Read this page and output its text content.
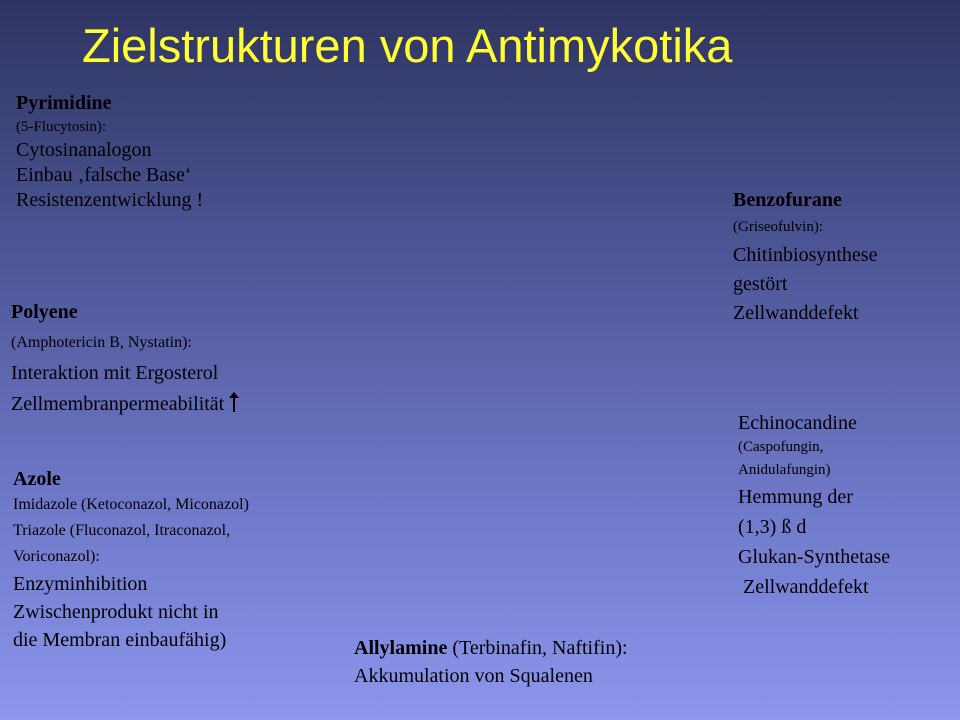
Zielstrukturen von Antimykotika
Pyrimidine
(5-Flucytosin):
Cytosinanalogon
Einbau ‚falsche Base‘
Resistenzentwicklung !	Benzofurane
(Griseofulvin):
Chitinbiosynthese
gestört
Zellwanddefekt
Polyene
(Amphotericin B, Nystatin):
Interaktion mit Ergosterol
Zellmembranpermeabilität
Echinocandine
(Caspofungin,
Anidulafungin)
Hemmung der
(1,3) ß d
Glukan-Synthetase
Zellwanddefekt
Azole
Imidazole (Ketoconazol, Miconazol)
Triazole (Fluconazol, Itraconazol,
Voriconazol):
Enzyminhibition
Zwischenprodukt nicht in
die Membran einbaufähig)	Allylamine (Terbinafin, Naftifin):
Akkumulation von Squalenen
